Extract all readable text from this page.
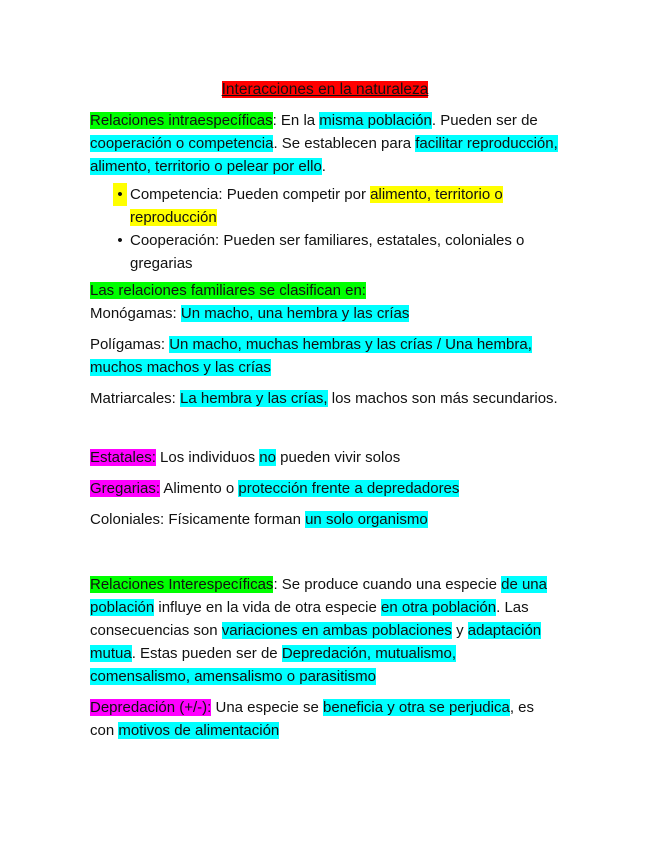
Interacciones en la naturaleza

Relaciones intraespecíficas: En la misma población. Pueden ser de cooperación o competencia. Se establecen para facilitar reproducción, alimento, territorio o pelear por ello.

• Competencia: Pueden competir por alimento, territorio o reproducción
• Cooperación: Pueden ser familiares, estatales, coloniales o gregarias

Las relaciones familiares se clasifican en:

Monógamas: Un macho, una hembra y las crías

Polígamas: Un macho, muchas hembras y las crías / Una hembra, muchos machos y las crías

Matriarcales: La hembra y las crías, los machos son más secundarios.

Estatales: Los individuos no pueden vivir solos

Gregarias: Alimento o protección frente a depredadores

Coloniales: Físicamente forman un solo organismo

Relaciones Interespecíficas: Se produce cuando una especie de una población influye en la vida de otra especie en otra población. Las consecuencias son variaciones en ambas poblaciones y adaptación mutua. Estas pueden ser de Depredación, mutualismo, comensalismo, amensalismo o parasitismo

Depredación (+/-): Una especie se beneficia y otra se perjudica, es con motivos de alimentación
